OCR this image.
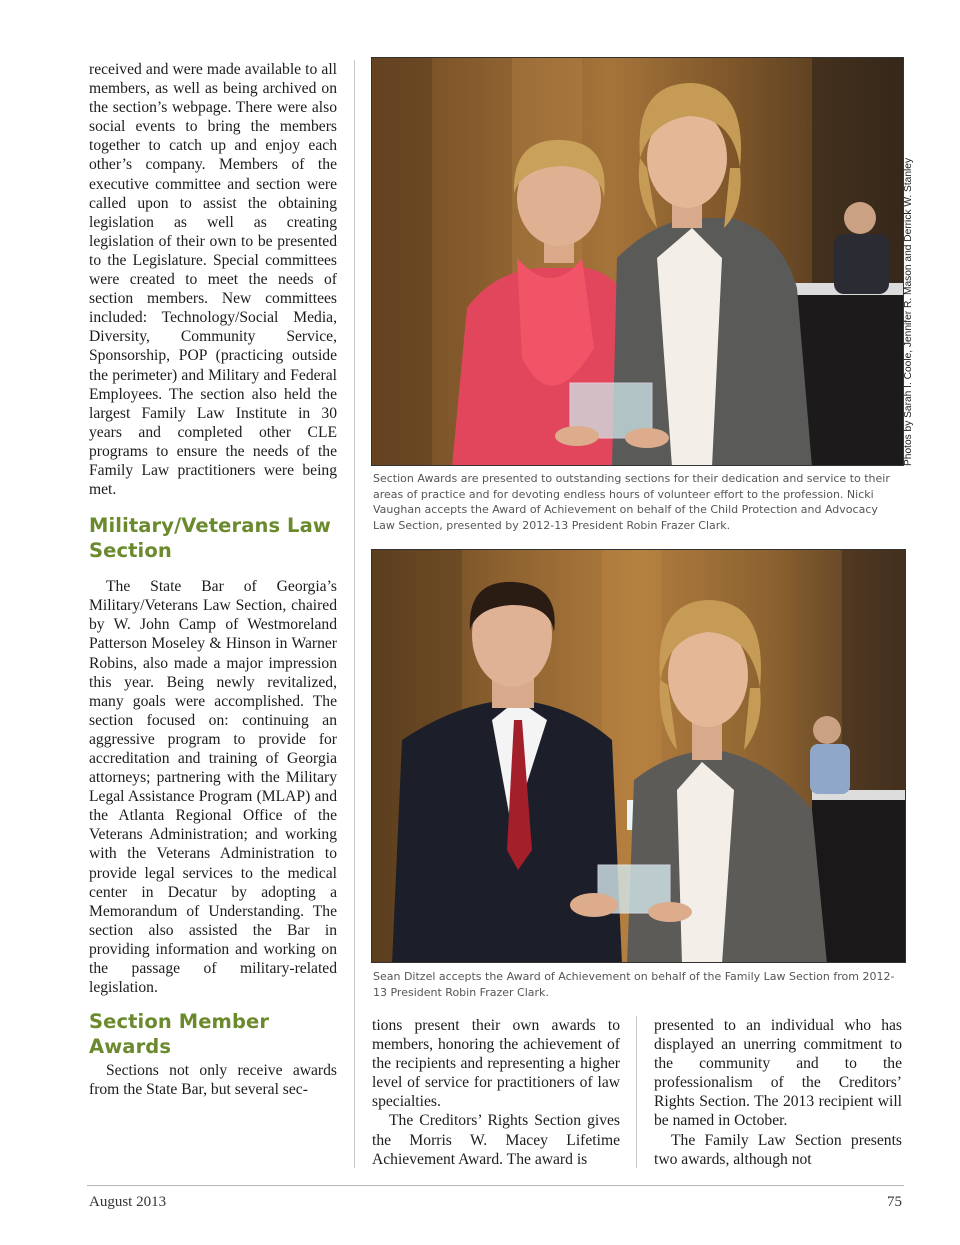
received and were made available to all members, as well as being archived on the section’s webpage. There were also social events to bring the members together to catch up and enjoy each other’s company. Members of the executive committee and section were called upon to assist the obtaining legislation as well as creating legislation of their own to be presented to the Legislature. Special committees were created to meet the needs of section members. New committees included: Technology/Social Media, Diversity, Community Service, Sponsorship, POP (practicing outside the perimeter) and Military and Federal Employees. The section also held the largest Family Law Institute in 30 years and completed other CLE programs to ensure the needs of the Family Law practitioners were being met.

Military/Veterans Law Section

The State Bar of Georgia’s Military/Veterans Law Section, chaired by W. John Camp of Westmoreland Patterson Moseley & Hinson in Warner Robins, also made a major impression this year. Being newly revitalized, many goals were accomplished. The section focused on: continuing an aggressive program to provide for accreditation and training of Georgia attorneys; partnering with the Military Legal Assistance Program (MLAP) and the Atlanta Regional Office of the Veterans Administration; and working with the Veterans Administration to provide legal services to the medical center in Decatur by adopting a Memorandum of Understanding. The section also assisted the Bar in providing information and working on the passage of military-related legislation.

Section Member Awards

Sections not only receive awards from the State Bar, but several sec-

Photos by Sarah I. Coole, Jennifer R. Mason and Derrick W. Stanley
Section Awards are presented to outstanding sections for their dedication and service to their areas of practice and for devoting endless hours of volunteer effort to the profession. Nicki Vaughan accepts the Award of Achievement on behalf of the Child Protection and Advocacy Law Section, presented by 2012-13 President Robin Frazer Clark.
Sean Ditzel accepts the Award of Achievement on behalf of the Family Law Section from 2012-13 President Robin Frazer Clark.

tions present their own awards to members, honoring the achievement of the recipients and representing a higher level of service for practitioners of law specialties.

The Creditors’ Rights Section gives the Morris W. Macey Lifetime Achievement Award. The award is

presented to an individual who has displayed an unerring commitment to the community and to the professionalism of the Creditors’ Rights Section. The 2013 recipient will be named in October.

The Family Law Section presents two awards, although not

August 2013	75
